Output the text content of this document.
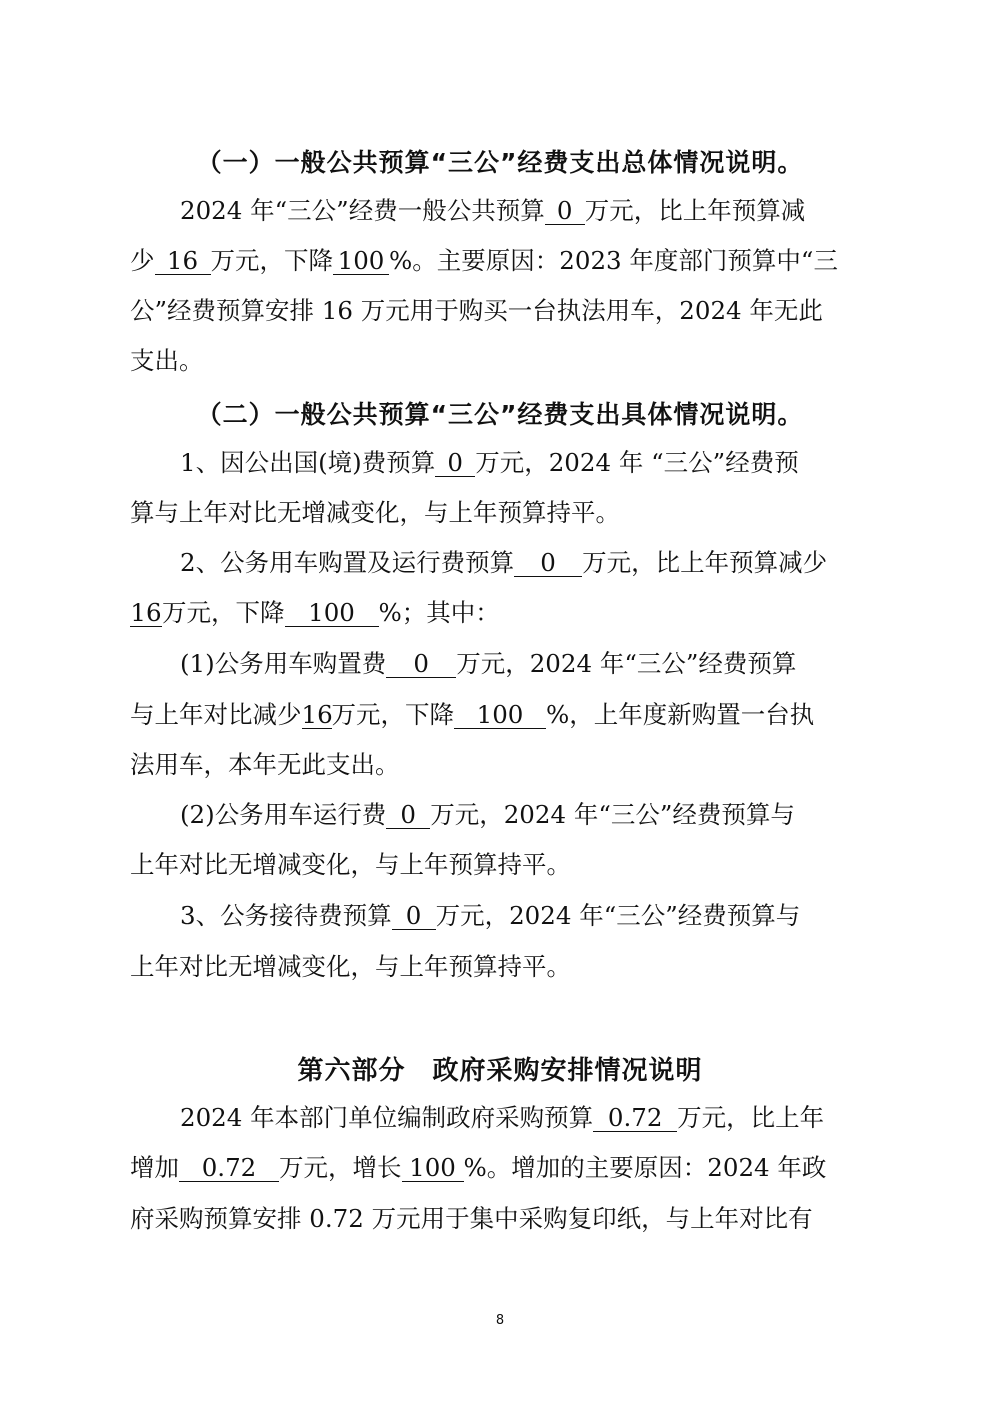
（一）一般公共预算“三公”经费支出总体情况说明。
2024 年“三公”经费一般公共预算 0 万元，比上年预算减
少 16 万元，下降 100 %。主要原因：2023 年度部门预算中“三
公”经费预算安排 16 万元用于购买一台执法用车，2024 年无此
支出。
（二）一般公共预算“三公”经费支出具体情况说明。
1、因公出国(境)费预算 0 万元，2024 年 “三公”经费预
算与上年对比无增减变化，与上年预算持平。
2、公务用车购置及运行费预算 0 万元，比上年预算减少
16万元，下降 100 %；其中：
(1)公务用车购置费 0 万元，2024 年“三公”经费预算
与上年对比减少16万元，下降 100 %，上年度新购置一台执
法用车，本年无此支出。
(2)公务用车运行费 0 万元，2024 年“三公”经费预算与
上年对比无增减变化，与上年预算持平。
3、公务接待费预算 0 万元，2024 年“三公”经费预算与
上年对比无增减变化，与上年预算持平。
第六部分　政府采购安排情况说明
2024 年本部门单位编制政府采购预算 0.72 万元，比上年
增加 0.72 万元，增长 100 %。增加的主要原因：2024 年政
府采购预算安排 0.72 万元用于集中采购复印纸，与上年对比有
8
